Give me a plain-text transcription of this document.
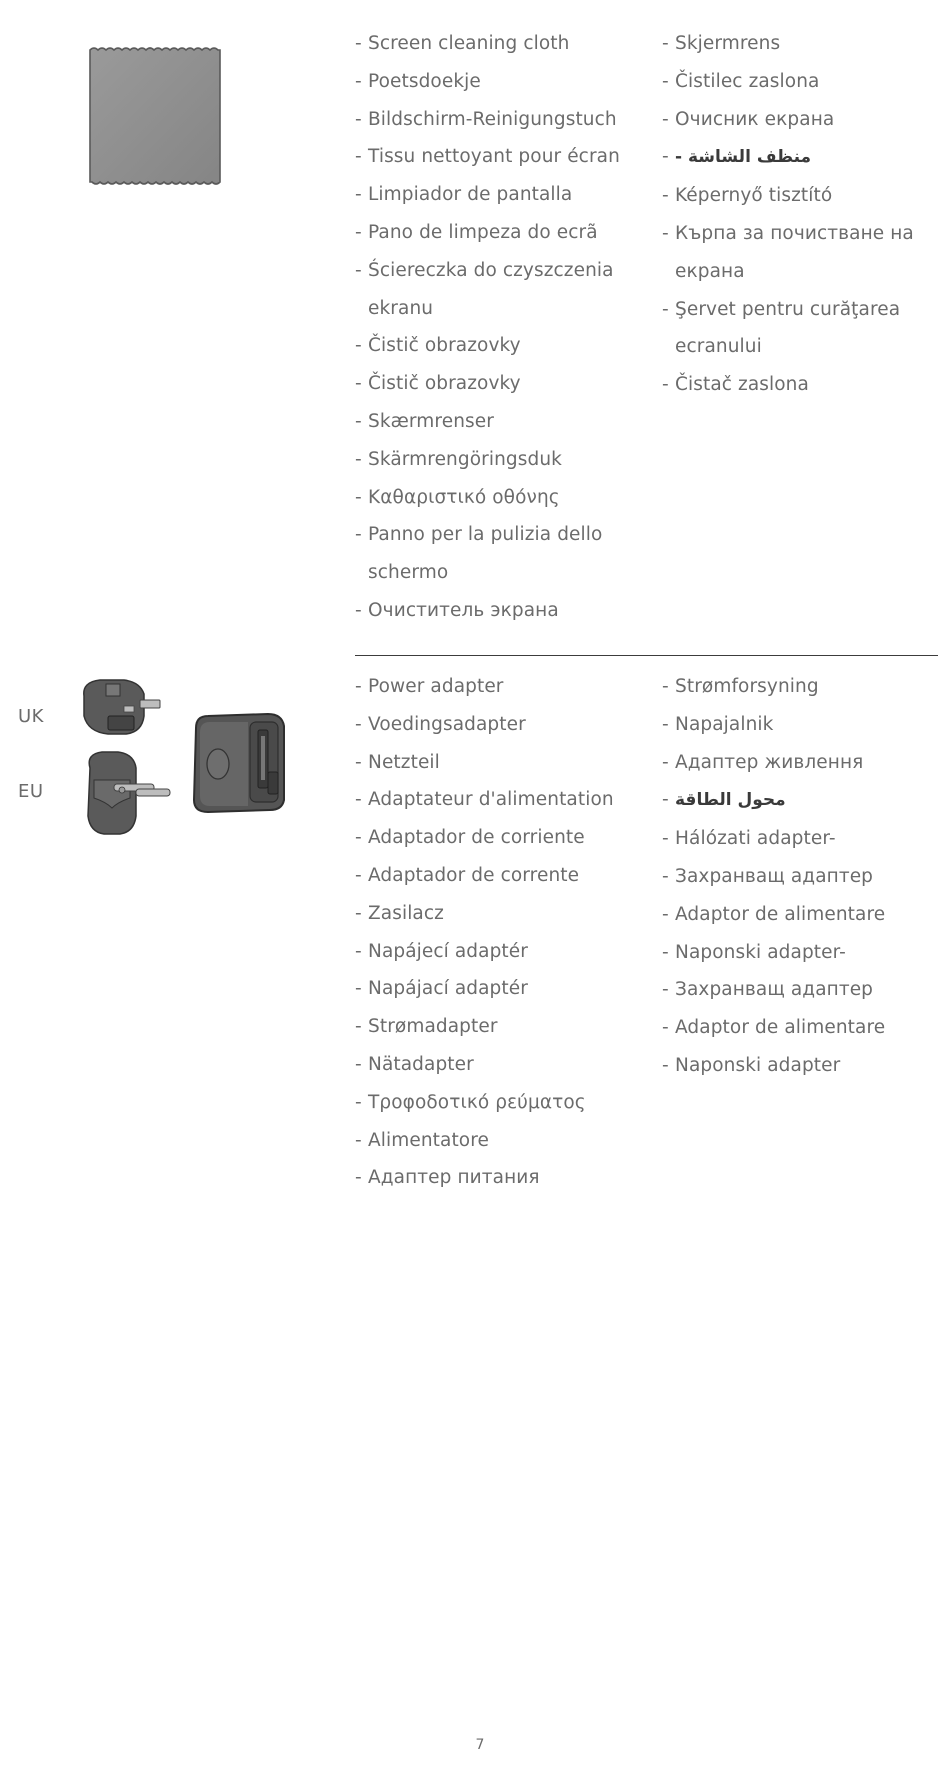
- Screen cleaning cloth
- Poetsdoekje
- Bildschirm-Reinigungstuch
- Tissu nettoyant pour écran
- Limpiador de pantalla
- Pano de limpeza do ecrã
- Ściereczka do czyszczenia ekranu
- Čistič obrazovky
- Čistič obrazovky
- Skærmrenser
- Skärmrengöringsduk
- Καθαριστικό οθόνης
- Panno per la pulizia dello schermo
- Очиститель экрана
- Skjermrens
- Čistilec zaslona
- Очисник екрана
- منظف الشاشة -
- Képernyő tisztító
- Кърпа за почистване на екрана
- Şervet pentru curăţarea ecranului
- Čistač zaslona
UK
EU
- Power adapter
- Voedingsadapter
- Netzteil
- Adaptateur d'alimentation
- Adaptador de corriente
- Adaptador de corrente
- Zasilacz
- Napájecí adaptér
- Napájací adaptér
- Strømadapter
- Nätadapter
- Τροφοδοτικό ρεύματος
- Alimentatore
- Адаптер питания
- Strømforsyning
- Napajalnik
- Адаптер живлення
- محول الطاقة
- Hálózati adapter-
- Захранващ адаптер
- Adaptor de alimentare
- Naponski adapter-
- Захранващ адаптер
- Adaptor de alimentare
- Naponski adapter
7
